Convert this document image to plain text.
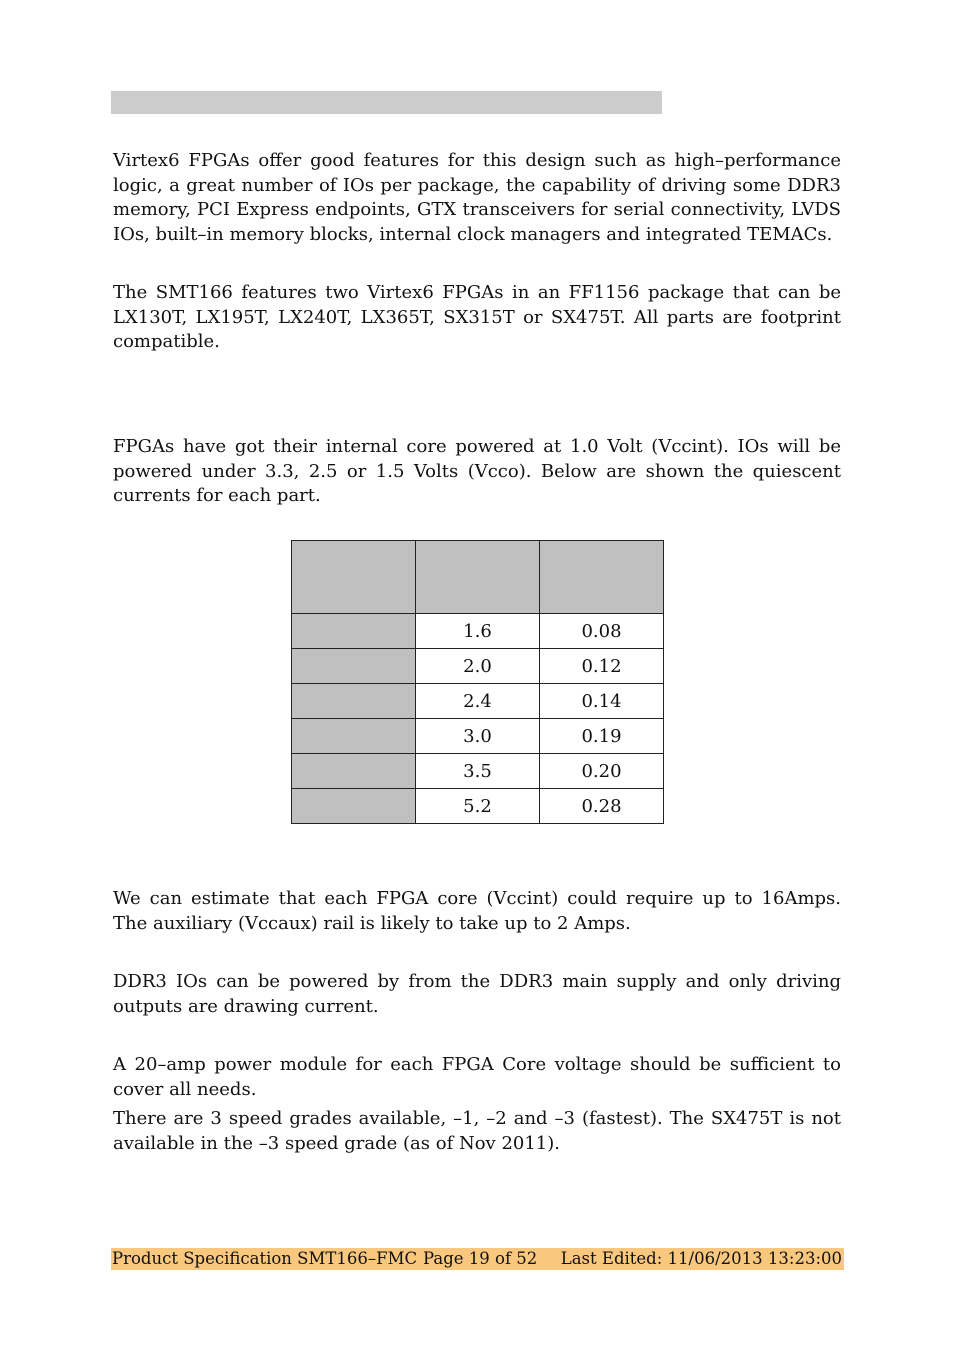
Virtex6 FPGAs offer good features for this design such as high–performance logic, a great number of IOs per package, the capability of driving some DDR3 memory, PCI Express endpoints, GTX transceivers for serial connectivity, LVDS IOs, built–in memory blocks, internal clock managers and integrated TEMACs.

The SMT166 features two Virtex6 FPGAs in an FF1156 package that can be LX130T, LX195T, LX240T, LX365T, SX315T or SX475T. All parts are footprint compatible.

FPGAs have got their internal core powered at 1.0 Volt (Vccint). IOs will be powered under 3.3, 2.5 or 1.5 Volts (Vcco). Below are shown the quiescent currents for each part.

	1.6	0.08
	2.0	0.12
	2.4	0.14
	3.0	0.19
	3.5	0.20
	5.2	0.28

We can estimate that each FPGA core (Vccint) could require up to 16Amps. The auxiliary (Vccaux) rail is likely to take up to 2 Amps.

DDR3 IOs can be powered by from the DDR3 main supply and only driving outputs are drawing current.

A 20–amp power module for each FPGA Core voltage should be sufficient to cover all needs.

There are 3 speed grades available, –1, –2 and –3 (fastest). The SX475T is not available in the –3 speed grade (as of Nov 2011).

Product Specification SMT166–FMC Page 19 of 52 Last Edited: 11/06/2013 13:23:00
